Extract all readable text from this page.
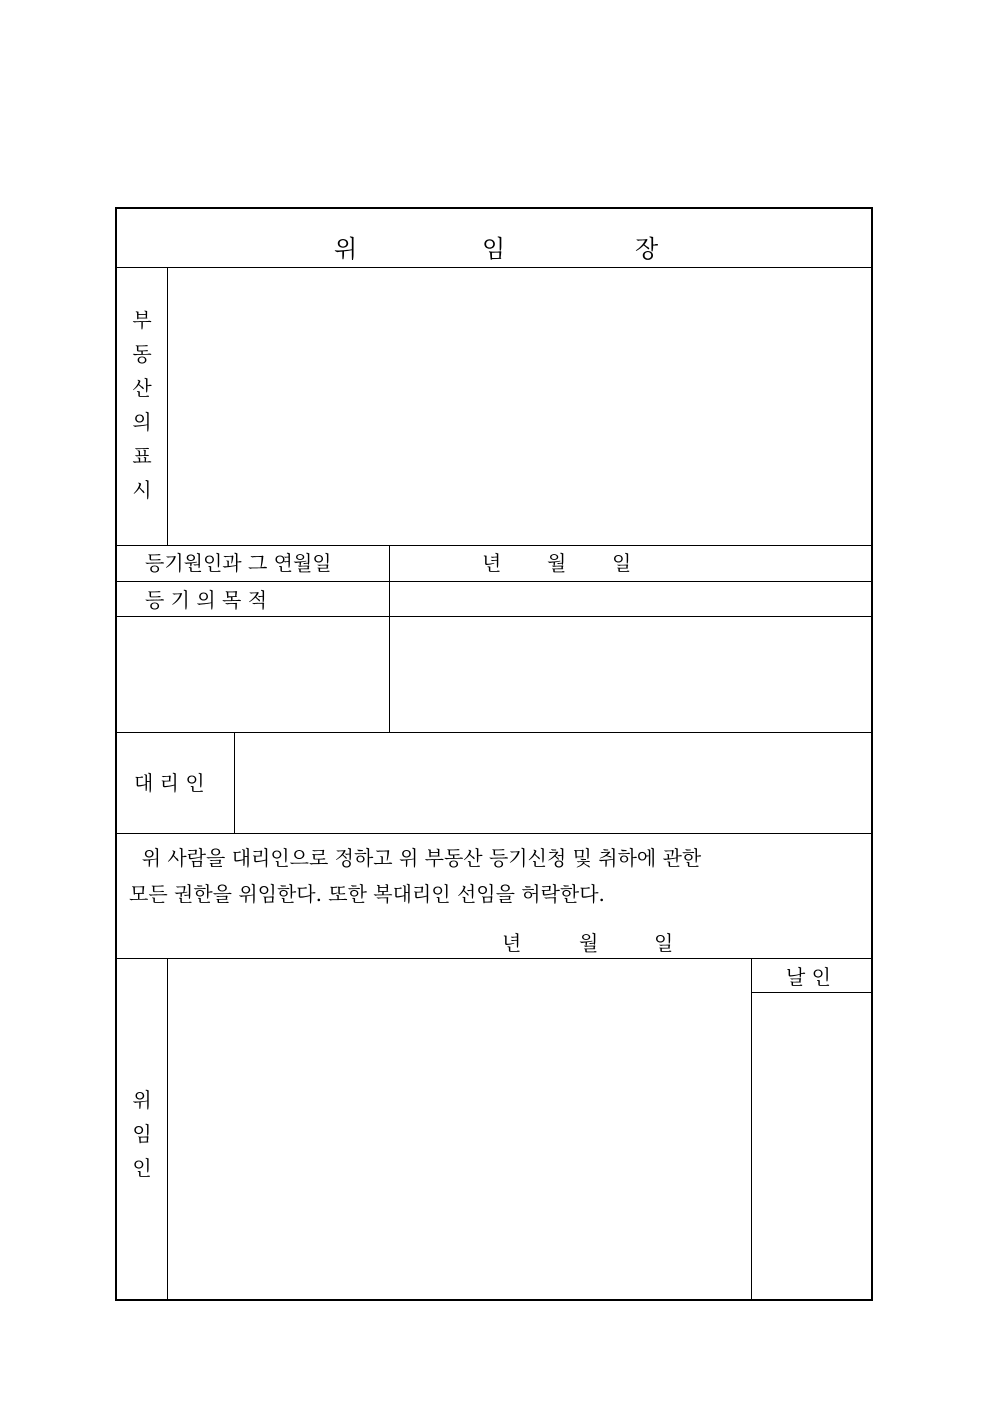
위	임	장
부
동
산
의
표
시
등기원인과 그 연월일	년 월 일
등 기 의 목 적
대 리 인
위 사람을 대리인으로 정하고 위 부동산 등기신청 및 취하에 관한
모든 권한을 위임한다. 또한 복대리인 선임을 허락한다.
년	월	일
위
임
인
날 인
